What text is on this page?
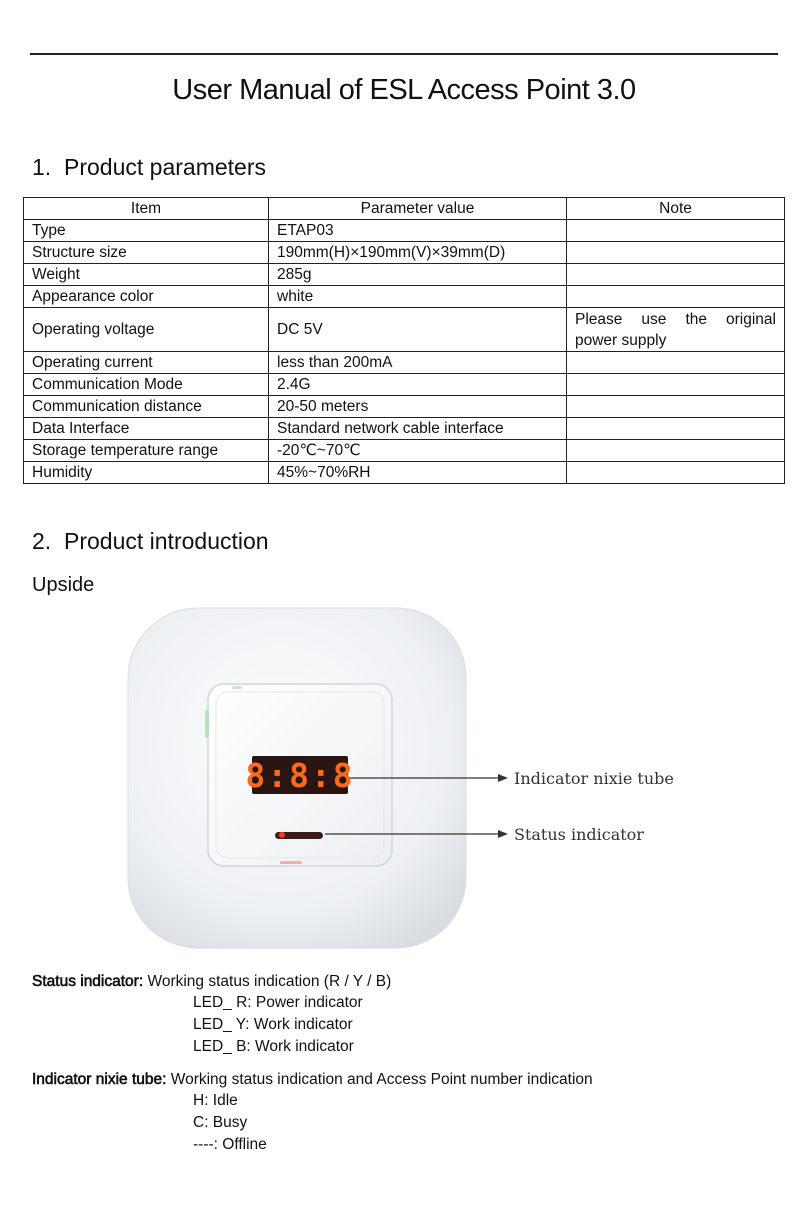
User Manual of ESL Access Point 3.0
1. Product parameters
Item	Parameter value	Note
Type	ETAP03	
Structure size	190mm(H)×190mm(V)×39mm(D)	
Weight	285g	
Appearance color	white	
Operating voltage	DC 5V	Please use the original power supply
Operating current	less than 200mA	
Communication Mode	2.4G	
Communication distance	20-50 meters	
Data Interface	Standard network cable interface	
Storage temperature range	-20℃~70℃	
Humidity	45%~70%RH	
2. Product introduction
Upside
8:8:8	Indicator nixie tube
Status indicator
Status indicator: Working status indication (R / Y / B)
LED_ R: Power indicator
LED_ Y: Work indicator
LED_ B: Work indicator
Indicator nixie tube: Working status indication and Access Point number indication
H: Idle
C: Busy
----: Offline
